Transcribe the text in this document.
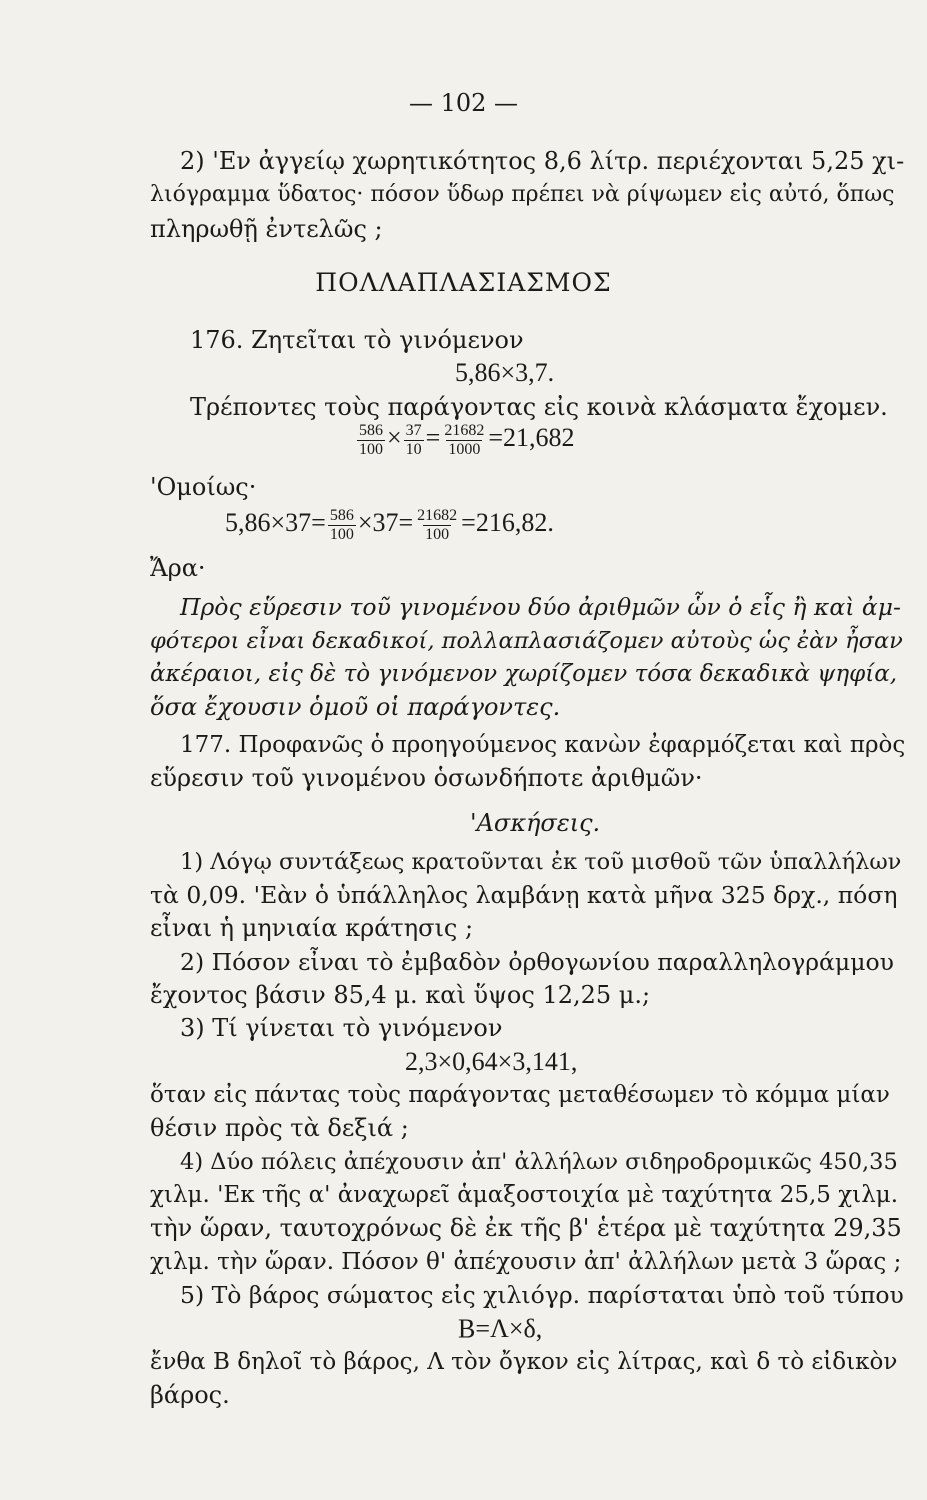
— 102 —
2) 'Εν ἀγγείῳ χωρητικότητος 8,6 λίτρ. περιέχονται 5,25 χι-
λιόγραμμα ὕδατος· πόσον ὕδωρ πρέπει νὰ ρίψωμεν εἰς αὐτό, ὅπως
πληρωθῇ ἐντελῶς ;
ΠΟΛΛΑΠΛΑΣΙΑΣΜΟΣ
176. Ζητεῖται τὸ γινόμενον
5,86×3,7.
Τρέποντες τοὺς παράγοντας εἰς κοινὰ κλάσματα ἔχομεν.
$\frac{586}{100} \times \frac{37}{10} = \frac{21682}{1000} =21,682$
'Ομοίως·
$5,86\times 37= \frac{586}{100} \times 37= \frac{21682}{100} =216,82$.
Ἄρα·
Πρὸς εὕρεσιν τοῦ γινομένου δύο ἀριθμῶν ὧν ὁ εἷς ἢ καὶ ἀμ-
φότεροι εἶναι δεκαδικοί, πολλαπλασιάζομεν αὐτοὺς ὡς ἐὰν ἦσαν
ἀκέραιοι, εἰς δὲ τὸ γινόμενον χωρίζομεν τόσα δεκαδικὰ ψηφία,
ὅσα ἔχουσιν ὁμοῦ οἱ παράγοντες.
177. Προφανῶς ὁ προηγούμενος κανὼν ἐφαρμόζεται καὶ πρὸς
εὕρεσιν τοῦ γινομένου ὁσωνδήποτε ἀριθμῶν·
'Ασκήσεις.
1) Λόγῳ συντάξεως κρατοῦνται ἐκ τοῦ μισθοῦ τῶν ὑπαλλήλων
τὰ 0,09. 'Εὰν ὁ ὑπάλληλος λαμβάνῃ κατὰ μῆνα 325 δρχ., πόση
εἶναι ἡ μηνιαία κράτησις ;
2) Πόσον εἶναι τὸ ἐμβαδὸν ὀρθογωνίου παραλληλογράμμου
ἔχοντος βάσιν 85,4 μ. καὶ ὕψος 12,25 μ.;
3) Τί γίνεται τὸ γινόμενον
2,3×0,64×3,141,
ὅταν εἰς πάντας τοὺς παράγοντας μεταθέσωμεν τὸ κόμμα μίαν
θέσιν πρὸς τὰ δεξιά ;
4) Δύο πόλεις ἀπέχουσιν ἀπ' ἀλλήλων σιδηροδρομικῶς 450,35
χιλμ. 'Εκ τῆς α' ἀναχωρεῖ ἁμαξοστοιχία μὲ ταχύτητα 25,5 χιλμ.
τὴν ὥραν, ταυτοχρόνως δὲ ἐκ τῆς β' ἑτέρα μὲ ταχύτητα 29,35
χιλμ. τὴν ὥραν. Πόσον θ' ἀπέχουσιν ἀπ' ἀλλήλων μετὰ 3 ὥρας ;
5) Τὸ βάρος σώματος εἰς χιλιόγρ. παρίσταται ὑπὸ τοῦ τύπου
Β=Λ×δ,
ἔνθα Β δηλοῖ τὸ βάρος, Λ τὸν ὄγκον εἰς λίτρας, καὶ δ τὸ εἰδικὸν
βάρος.
